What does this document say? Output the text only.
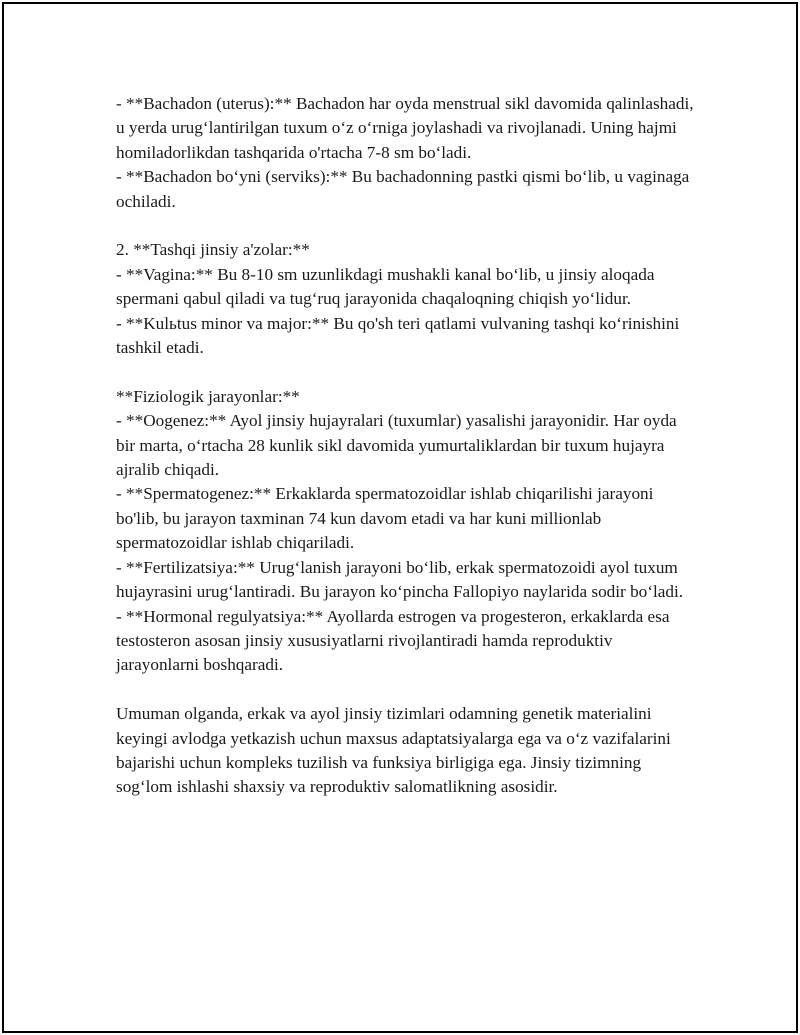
- **Bachadon (uterus):** Bachadon har oyda menstrual sikl davomida qalinlashadi, u yerda urug‘lantirilgan tuxum o‘z o‘rniga joylashadi va rivojlanadi. Uning hajmi homiladorlikdan tashqarida o'rtacha 7-8 sm bo‘ladi.

- **Bachadon bo‘yni (serviks):** Bu bachadonning pastki qismi bo‘lib, u vaginaga ochiladi.

2. **Tashqi jinsiy a'zolar:**

- **Vagina:** Bu 8-10 sm uzunlikdagi mushakli kanal bo‘lib, u jinsiy aloqada spermani qabul qiladi va tug‘ruq jarayonida chaqaloqning chiqish yo‘lidur.

- **Kulьtus minor va major:** Bu qo'sh teri qatlami vulvaning tashqi ko‘rinishini tashkil etadi.

**Fiziologik jarayonlar:**

- **Oogenez:** Ayol jinsiy hujayralari (tuxumlar) yasalishi jarayonidir. Har oyda bir marta, o‘rtacha 28 kunlik sikl davomida yumurtaliklardan bir tuxum hujayra ajralib chiqadi.

- **Spermatogenez:** Erkaklarda spermatozoidlar ishlab chiqarilishi jarayoni bo'lib, bu jarayon taxminan 74 kun davom etadi va har kuni millionlab spermatozoidlar ishlab chiqariladi.

- **Fertilizatsiya:** Urug‘lanish jarayoni bo‘lib, erkak spermatozoidi ayol tuxum hujayrasini urug‘lantiradi. Bu jarayon ko‘pincha Fallopiyo naylarida sodir bo‘ladi.

- **Hormonal regulyatsiya:** Ayollarda estrogen va progesteron, erkaklarda esa testosteron asosan jinsiy xususiyatlarni rivojlantiradi hamda reproduktiv jarayonlarni boshqaradi.

Umuman olganda, erkak va ayol jinsiy tizimlari odamning genetik materialini keyingi avlodga yetkazish uchun maxsus adaptatsiyalarga ega va o‘z vazifalarini bajarishi uchun kompleks tuzilish va funksiya birligiga ega. Jinsiy tizimning sog‘lom ishlashi shaxsiy va reproduktiv salomatlikning asosidir.
